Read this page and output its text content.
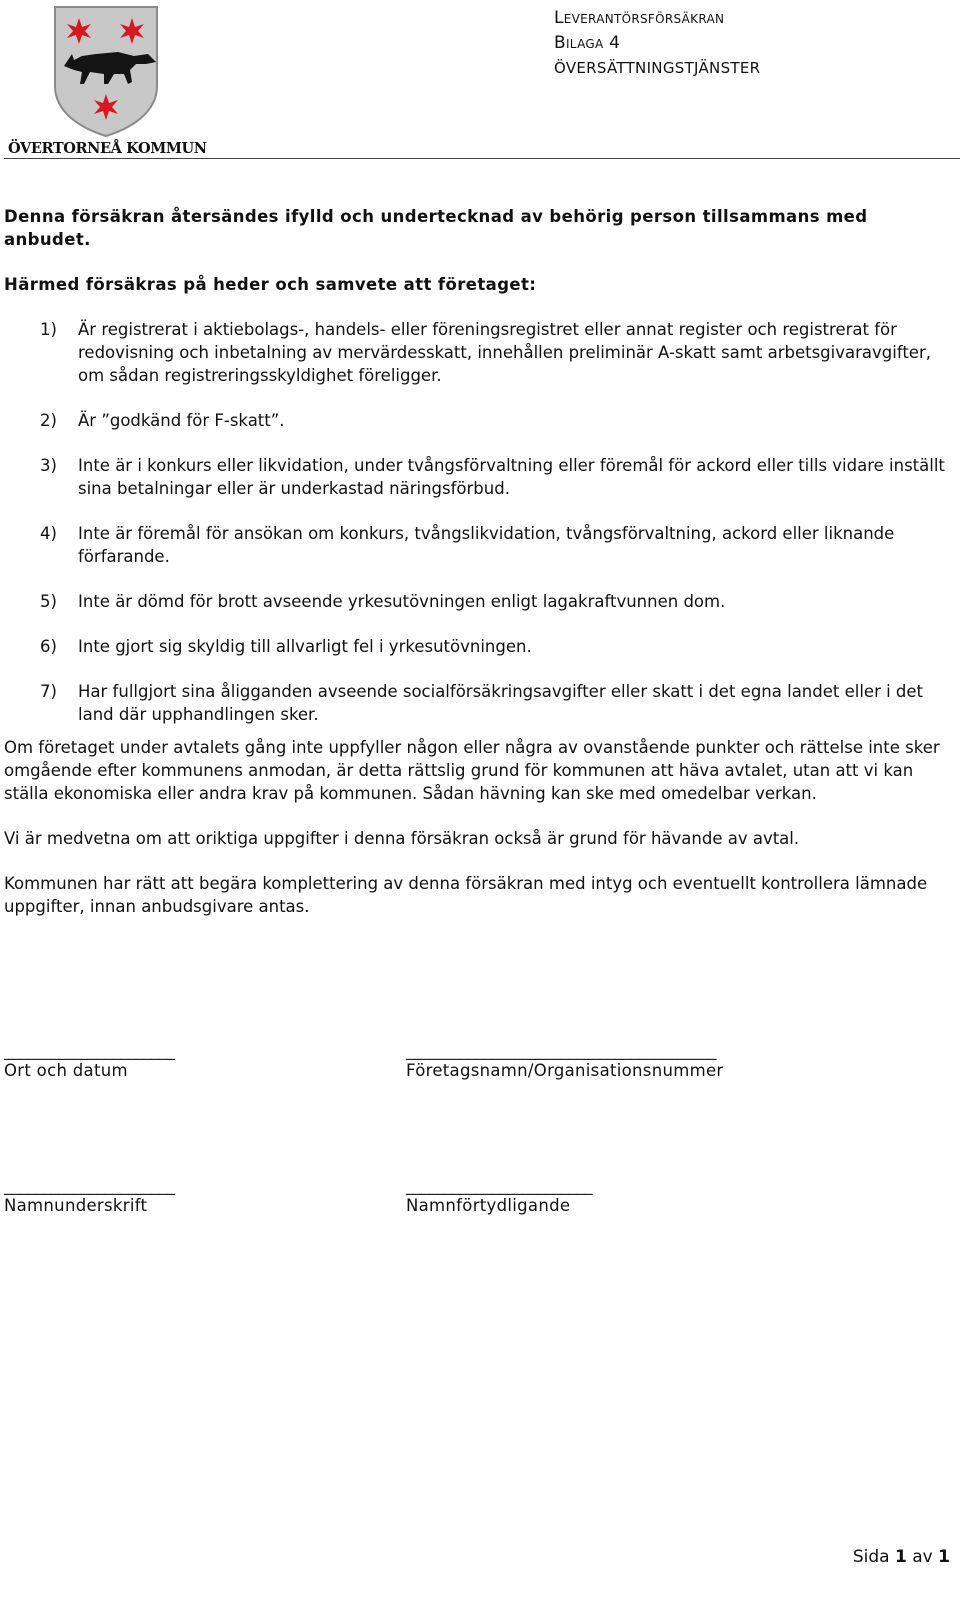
ÖVERTORNEÅ KOMMUN
Leverantörsförsäkran
Bilaga 4
ÖVERSÄTTNINGSTJÄNSTER

Denna försäkran återsändes ifylld och undertecknad av behörig person tillsammans med anbudet.

Härmed försäkras på heder och samvete att företaget:

1) Är registrerat i aktiebolags-, handels- eller föreningsregistret eller annat register och registrerat för redovisning och inbetalning av mervärdesskatt, innehållen preliminär A-skatt samt arbetsgivaravgifter, om sådan registreringsskyldighet föreligger.
2) Är ”godkänd för F-skatt”.
3) Inte är i konkurs eller likvidation, under tvångsförvaltning eller föremål för ackord eller tills vidare inställt sina betalningar eller är underkastad näringsförbud.
4) Inte är föremål för ansökan om konkurs, tvångslikvidation, tvångsförvaltning, ackord eller liknande förfarande.
5) Inte är dömd för brott avseende yrkesutövningen enligt lagakraftvunnen dom.
6) Inte gjort sig skyldig till allvarligt fel i yrkesutövningen.
7) Har fullgjort sina åligganden avseende socialförsäkringsavgifter eller skatt i det egna landet eller i det land där upphandlingen sker.

Om företaget under avtalets gång inte uppfyller någon eller några av ovanstående punkter och rättelse inte sker omgående efter kommunens anmodan, är detta rättslig grund för kommunen att häva avtalet, utan att vi kan ställa ekonomiska eller andra krav på kommunen. Sådan hävning kan ske med omedelbar verkan.

Vi är medvetna om att oriktiga uppgifter i denna försäkran också är grund för hävande av avtal.

Kommunen har rätt att begära komplettering av denna försäkran med intyg och eventuellt kontrollera lämnade uppgifter, innan anbudsgivare antas.

______________________
Ort och datum
________________________________________
Företagsnamn/Organisationsnummer
______________________
Namnunderskrift
________________________
Namnförtydligande
Sida 1 av 1
